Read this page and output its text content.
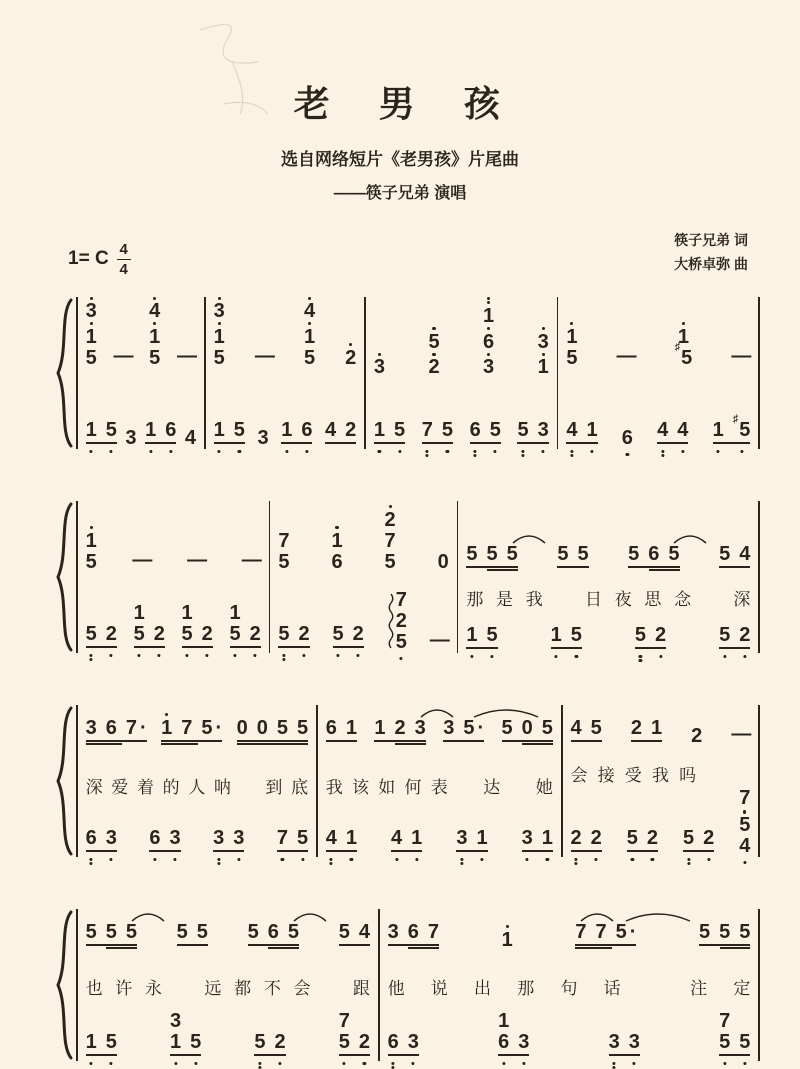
老　男　孩
选自网络短片《老男孩》片尾曲
——筷子兄弟 演唱
1= C 4
4
筷子兄弟 词
大桥卓弥 曲
3
1
5 —
4
1
5 —
1 5 3 1 6 4
3
1
5 —
4
1
5 2
1 5 3 1 6 4 2
3
5
2
1
6
3
3
1
1 5 7 5 6 5 5 3
1
5 —
1
♯5 —
4 1 6 4 4 1 ♯5
1
5 — — —
5 2
1
5 2
1
5 2
1
5 2
7
5
1
6
2
7
5 0
5 2 5 2
7
2
5 —
5 5 5 5 5 5 6 5 5 4
那 是 我 日 夜 思 念 深
1 5	1 5	5 2	5 2
3 6 7 · 1 7 5 · 0 0 5 5
深 爱 着 的 人 呐 到 底
6 3 6 3 3 3 7 5
6 1 1 2 3 3 5 · 5 0 5
我 该 如 何 表 达 她
4 1 4 1 3 1 3 1
4 5 2 1 2 —
会 接 受 我 吗
2 2 5 2 5 2
7
5
4
5 5 5 5 5 5 6 5 5 4
也 许 永 远 都 不 会 跟
1 5
3
1 5	5 2
7
5 2
3 6 7	1	7 7 5 ·	5 5 5
他 说 出 那 句 话	注 定
6 3
1
6 3	3 3
7
5 5
